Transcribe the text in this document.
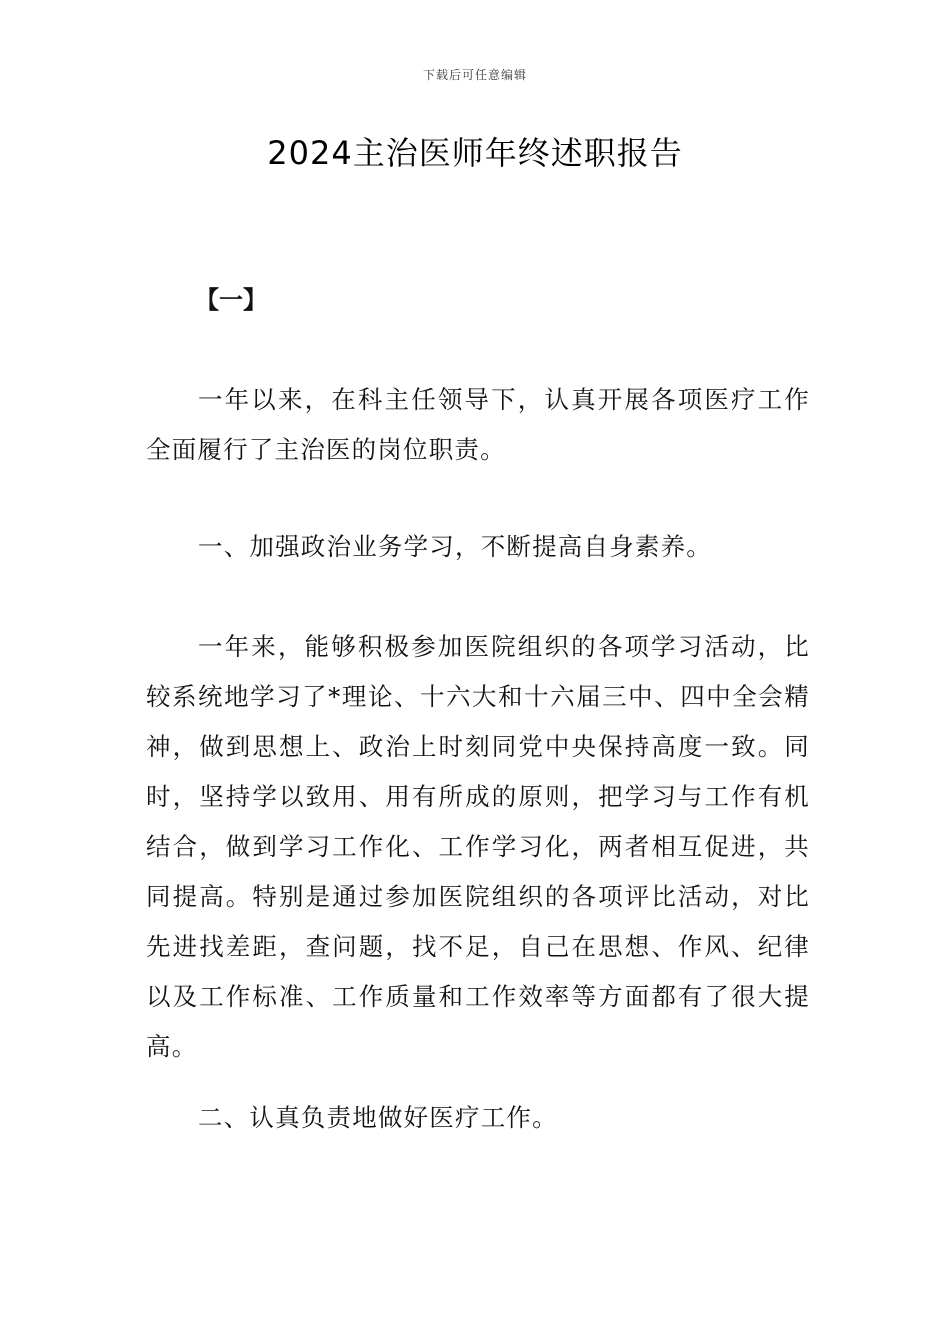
下载后可任意编辑
2024主治医师年终述职报告
【一】

一年以来，在科主任领导下，认真开展各项医疗工作全面履行了主治医的岗位职责。

一、加强政治业务学习，不断提高自身素养。

一年来，能够积极参加医院组织的各项学习活动，比较系统地学习了*理论、十六大和十六届三中、四中全会精神，做到思想上、政治上时刻同党中央保持高度一致。同时，坚持学以致用、用有所成的原则，把学习与工作有机结合，做到学习工作化、工作学习化，两者相互促进，共同提高。特别是通过参加医院组织的各项评比活动，对比先进找差距，查问题，找不足，自己在思想、作风、纪律以及工作标准、工作质量和工作效率等方面都有了很大提高。

二、认真负责地做好医疗工作。
